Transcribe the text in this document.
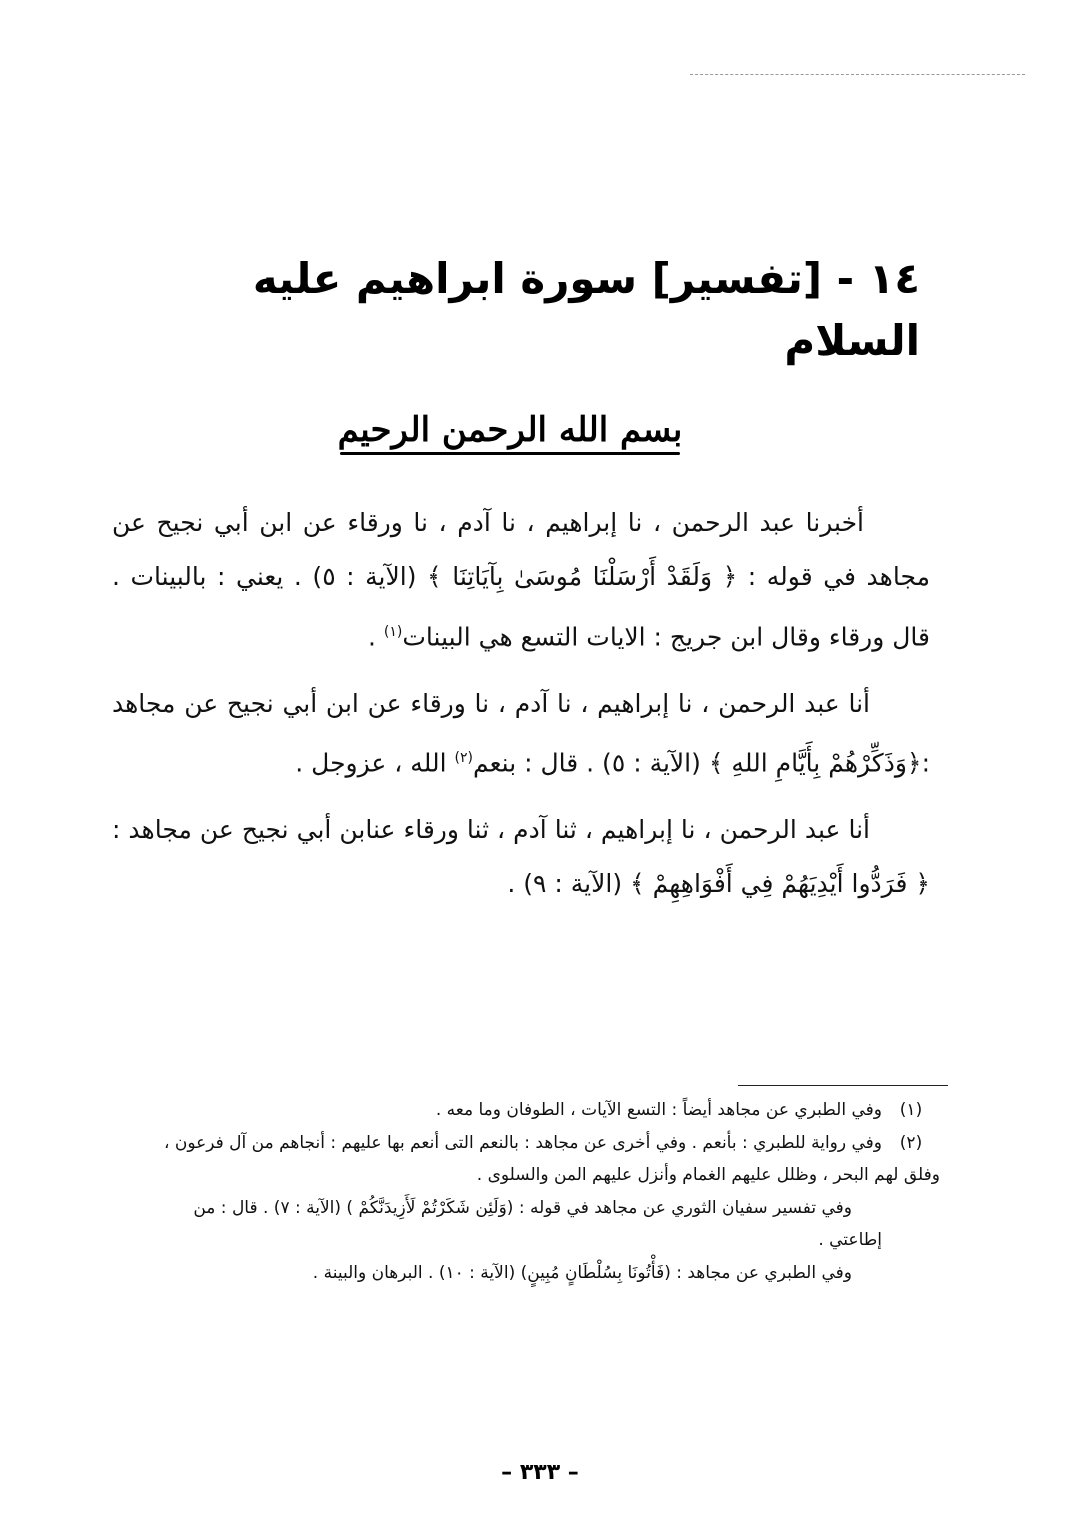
١٤ - [تفسير] سورة ابراهيم عليه السلام
بسم الله الرحمن الرحيم

أخبرنا عبد الرحمن ، نا إبراهيم ، نا آدم ، نا ورقاء عن ابن أبي نجيح عن مجاهد في قوله : ﴿ وَلَقَدْ أَرْسَلْنَا مُوسَىٰ بِآيَاتِنَا ﴾ (الآية : ٥) . يعني : بالبينات . قال ورقاء وقال ابن جريج : الايات التسع هي البينات$^{(١)}$ .

أنا عبد الرحمن ، نا إبراهيم ، نا آدم ، نا ورقاء عن ابن أبي نجيح عن مجاهد :﴿وَذَكِّرْهُمْ بِأَيَّامِ اللهِ ﴾ (الآية : ٥) . قال : بنعم$^{(٢)}$ الله ، عزوجل .

أنا عبد الرحمن ، نا إبراهيم ، ثنا آدم ، ثنا ورقاء عنابن أبي نجيح عن مجاهد : ﴿ فَرَدُّوا أَيْدِيَهُمْ فِي أَفْوَاهِهِمْ ﴾ (الآية : ٩) .

(١)وفي الطبري عن مجاهد أيضاً : التسع الآيات ، الطوفان وما معه .

(٢)وفي رواية للطبري : بأنعم . وفي أخرى عن مجاهد : بالنعم التى أنعم بها عليهم : أنجاهم من آل فرعون ، وفلق لهم البحر ، وظلل عليهم الغمام وأنزل عليهم المن والسلوى .

وفي تفسير سفيان الثوري عن مجاهد في قوله : (وَلَئِن شَكَرْتُمْ لَأَزِيدَنَّكُمْ ) (الآية : ٧) . قال : من إطاعتي .

وفي الطبري عن مجاهد : (فَأْتُونَا بِسُلْطَانٍ مُبِينٍ) (الآية : ١٠) . البرهان والبينة .

– ٣٣٣ –
